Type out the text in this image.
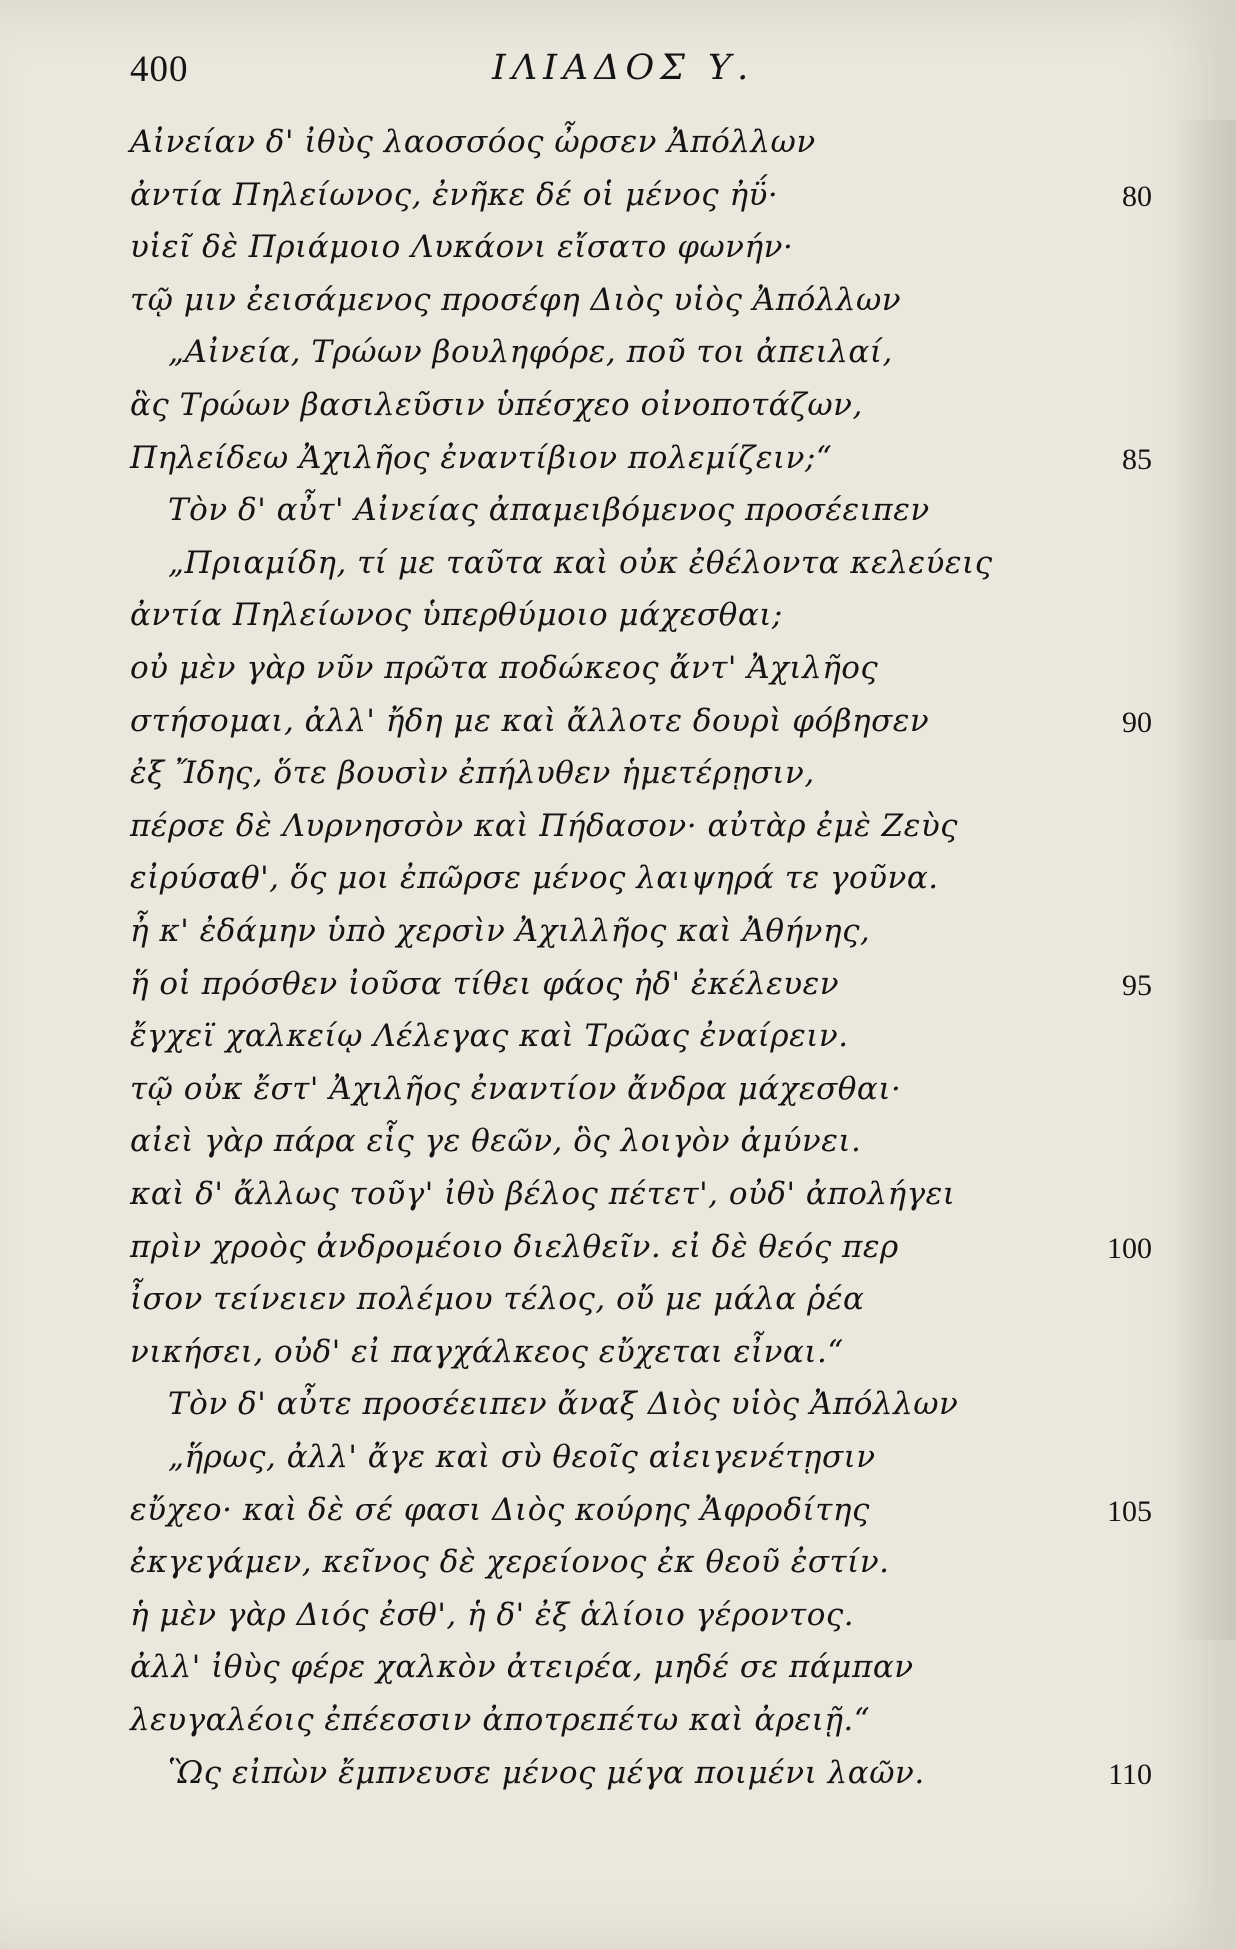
400	ΙΛΙΑΔΟΣ Υ.
Αἰνείαν δ' ἰθὺς λαοσσόος ὦρσεν Ἀπόλλων
ἀντία Πηλείωνος, ἐνῆκε δέ οἱ μένος ἠΰ·	80
υἱεῖ δὲ Πριάμοιο Λυκάονι εἴσατο φωνήν·
τῷ μιν ἐεισάμενος προσέφη Διὸς υἱὸς Ἀπόλλων
„Αἰνεία, Τρώων βουληφόρε, ποῦ τοι ἀπειλαί,
ἃς Τρώων βασιλεῦσιν ὑπέσχεο οἰνοποτάζων,
Πηλείδεω Ἀχιλῆος ἐναντίβιον πολεμίζειν;“	85
Τὸν δ' αὖτ' Αἰνείας ἀπαμειβόμενος προσέειπεν
„Πριαμίδη, τί με ταῦτα καὶ οὐκ ἐθέλοντα κελεύεις
ἀντία Πηλείωνος ὑπερθύμοιο μάχεσθαι;
οὐ μὲν γὰρ νῦν πρῶτα ποδώκεος ἄντ' Ἀχιλῆος
στήσομαι, ἀλλ' ἤδη με καὶ ἄλλοτε δουρὶ φόβησεν	90
ἐξ Ἴδης, ὅτε βουσὶν ἐπήλυθεν ἡμετέρῃσιν,
πέρσε δὲ Λυρνησσὸν καὶ Πήδασον· αὐτὰρ ἐμὲ Ζεὺς
εἰρύσαθ', ὅς μοι ἐπῶρσε μένος λαιψηρά τε γοῦνα.
ἦ κ' ἐδάμην ὑπὸ χερσὶν Ἀχιλλῆος καὶ Ἀθήνης,
ἥ οἱ πρόσθεν ἰοῦσα τίθει φάος ἠδ' ἐκέλευεν	95
ἔγχεϊ χαλκείῳ Λέλεγας καὶ Τρῶας ἐναίρειν.
τῷ οὐκ ἔστ' Ἀχιλῆος ἐναντίον ἄνδρα μάχεσθαι·
αἰεὶ γὰρ πάρα εἷς γε θεῶν, ὃς λοιγὸν ἀμύνει.
καὶ δ' ἄλλως τοῦγ' ἰθὺ βέλος πέτετ', οὐδ' ἀπολήγει
πρὶν χροὸς ἀνδρομέοιο διελθεῖν. εἰ δὲ θεός περ	100
ἶσον τείνειεν πολέμου τέλος, οὔ με μάλα ῥέα
νικήσει, οὐδ' εἰ παγχάλκεος εὔχεται εἶναι.“
Τὸν δ' αὖτε προσέειπεν ἄναξ Διὸς υἱὸς Ἀπόλλων
„ἥρως, ἀλλ' ἄγε καὶ σὺ θεοῖς αἰειγενέτῃσιν
εὔχεο· καὶ δὲ σέ φασι Διὸς κούρης Ἀφροδίτης	105
ἐκγεγάμεν, κεῖνος δὲ χερείονος ἐκ θεοῦ ἐστίν.
ἡ μὲν γὰρ Διός ἐσθ', ἡ δ' ἐξ ἁλίοιο γέροντος.
ἀλλ' ἰθὺς φέρε χαλκὸν ἀτειρέα, μηδέ σε πάμπαν
λευγαλέοις ἐπέεσσιν ἀποτρεπέτω καὶ ἀρειῇ.“
Ὣς εἰπὼν ἔμπνευσε μένος μέγα ποιμένι λαῶν.	110
